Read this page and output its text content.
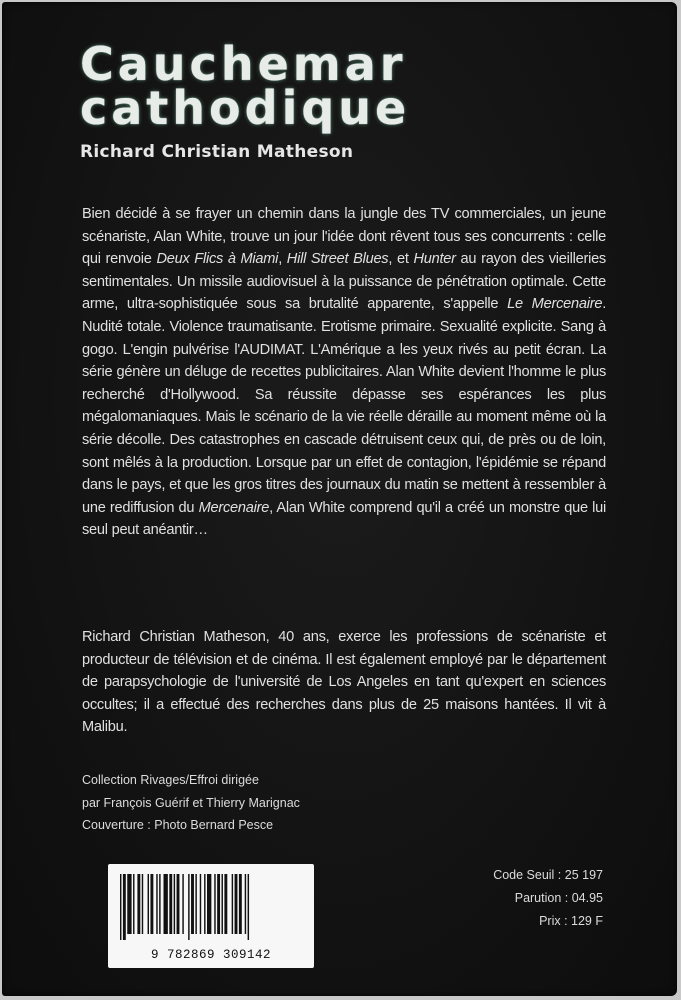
Cauchemar
cathodique
Richard Christian Matheson

Bien décidé à se frayer un chemin dans la jungle des TV commerciales, un jeune scénariste, Alan White, trouve un jour l'idée dont rêvent tous ses concurrents : celle qui renvoie Deux Flics à Miami, Hill Street Blues, et Hunter au rayon des vieilleries sentimentales. Un missile audiovisuel à la puissance de pénétration optimale. Cette arme, ultra-sophistiquée sous sa brutalité apparente, s'appelle Le Mercenaire. Nudité totale. Violence traumatisante. Erotisme primaire. Sexualité explicite. Sang à gogo. L'engin pulvérise l'AUDIMAT. L'Amérique a les yeux rivés au petit écran. La série génère un déluge de recettes publicitaires. Alan White devient l'homme le plus recherché d'Hollywood. Sa réussite dépasse ses espérances les plus mégalomaniaques. Mais le scénario de la vie réelle déraille au moment même où la série décolle. Des catastrophes en cascade détruisent ceux qui, de près ou de loin, sont mêlés à la production. Lorsque par un effet de contagion, l'épidémie se répand dans le pays, et que les gros titres des journaux du matin se mettent à ressembler à une rediffusion du Mercenaire, Alan White comprend qu'il a créé un monstre que lui seul peut anéantir…

Richard Christian Matheson, 40 ans, exerce les professions de scénariste et producteur de télévision et de cinéma. Il est également employé par le département de parapsychologie de l'université de Los Angeles en tant qu'expert en sciences occultes; il a effectué des recherches dans plus de 25 maisons hantées. Il vit à Malibu.

Collection Rivages/Effroi dirigée
par François Guérif et Thierry Marignac
Couverture : Photo Bernard Pesce
9 782869 309142
Code Seuil : 25 197
Parution : 04.95
Prix : 129 F
